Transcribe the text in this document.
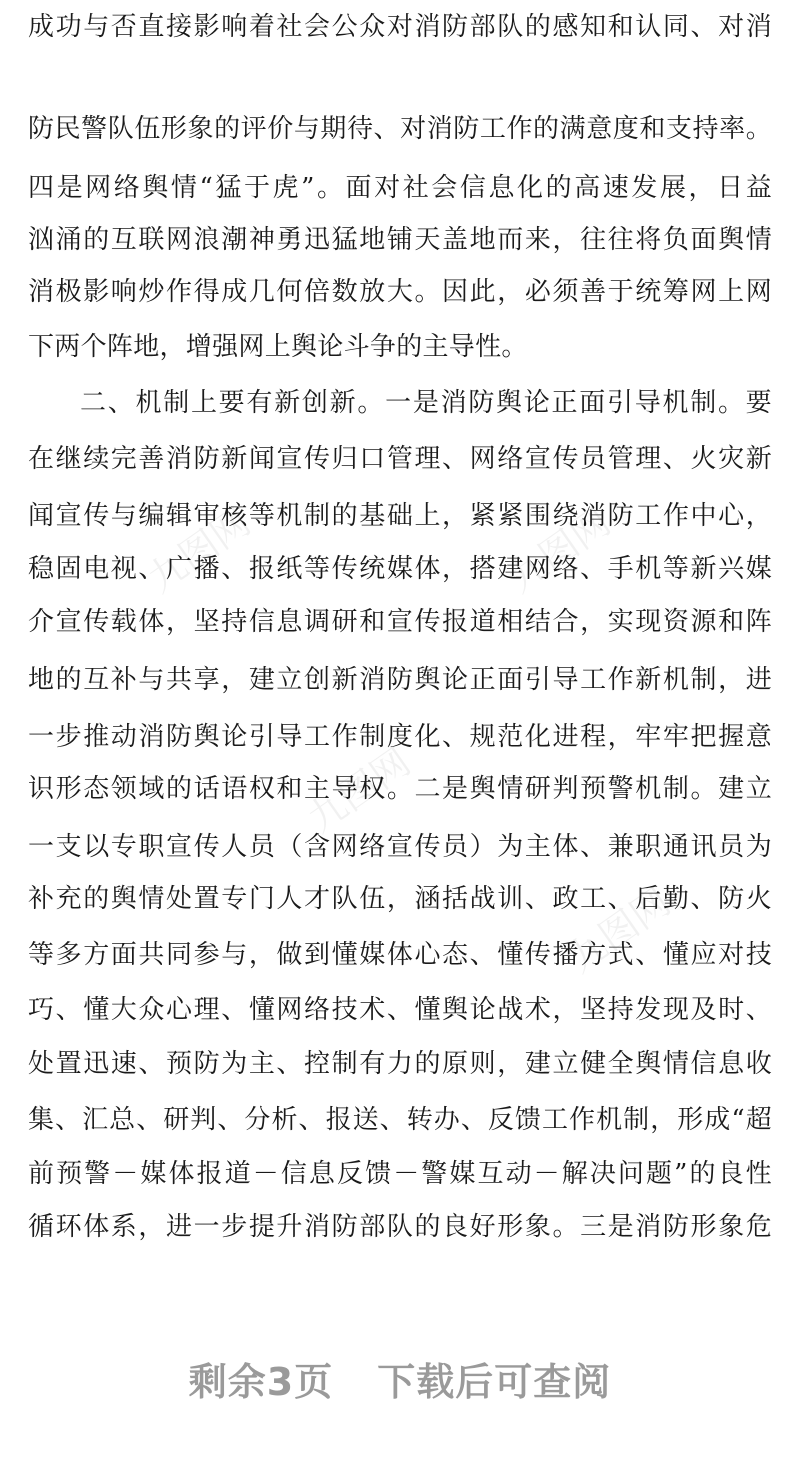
九图网	九图网
九图网
九图网
成功与否直接影响着社会公众对消防部队的感知和认同、对消
防民警队伍形象的评价与期待、对消防工作的满意度和支持率。
四是网络舆情“猛于虎”。面对社会信息化的高速发展，日益
汹涌的互联网浪潮神勇迅猛地铺天盖地而来，往往将负面舆情
消极影响炒作得成几何倍数放大。因此，必须善于统筹网上网
下两个阵地，增强网上舆论斗争的主导性。
二、机制上要有新创新。一是消防舆论正面引导机制。要
在继续完善消防新闻宣传归口管理、网络宣传员管理、火灾新
闻宣传与编辑审核等机制的基础上，紧紧围绕消防工作中心，
稳固电视、广播、报纸等传统媒体，搭建网络、手机等新兴媒
介宣传载体，坚持信息调研和宣传报道相结合，实现资源和阵
地的互补与共享，建立创新消防舆论正面引导工作新机制，进
一步推动消防舆论引导工作制度化、规范化进程，牢牢把握意
识形态领域的话语权和主导权。二是舆情研判预警机制。建立
一支以专职宣传人员（含网络宣传员）为主体、兼职通讯员为
补充的舆情处置专门人才队伍，涵括战训、政工、后勤、防火
等多方面共同参与，做到懂媒体心态、懂传播方式、懂应对技
巧、懂大众心理、懂网络技术、懂舆论战术，坚持发现及时、
处置迅速、预防为主、控制有力的原则，建立健全舆情信息收
集、汇总、研判、分析、报送、转办、反馈工作机制，形成“超
前预警－媒体报道－信息反馈－警媒互动－解决问题”的良性
循环体系，进一步提升消防部队的良好形象。三是消防形象危
剩余3页 下载后可查阅
